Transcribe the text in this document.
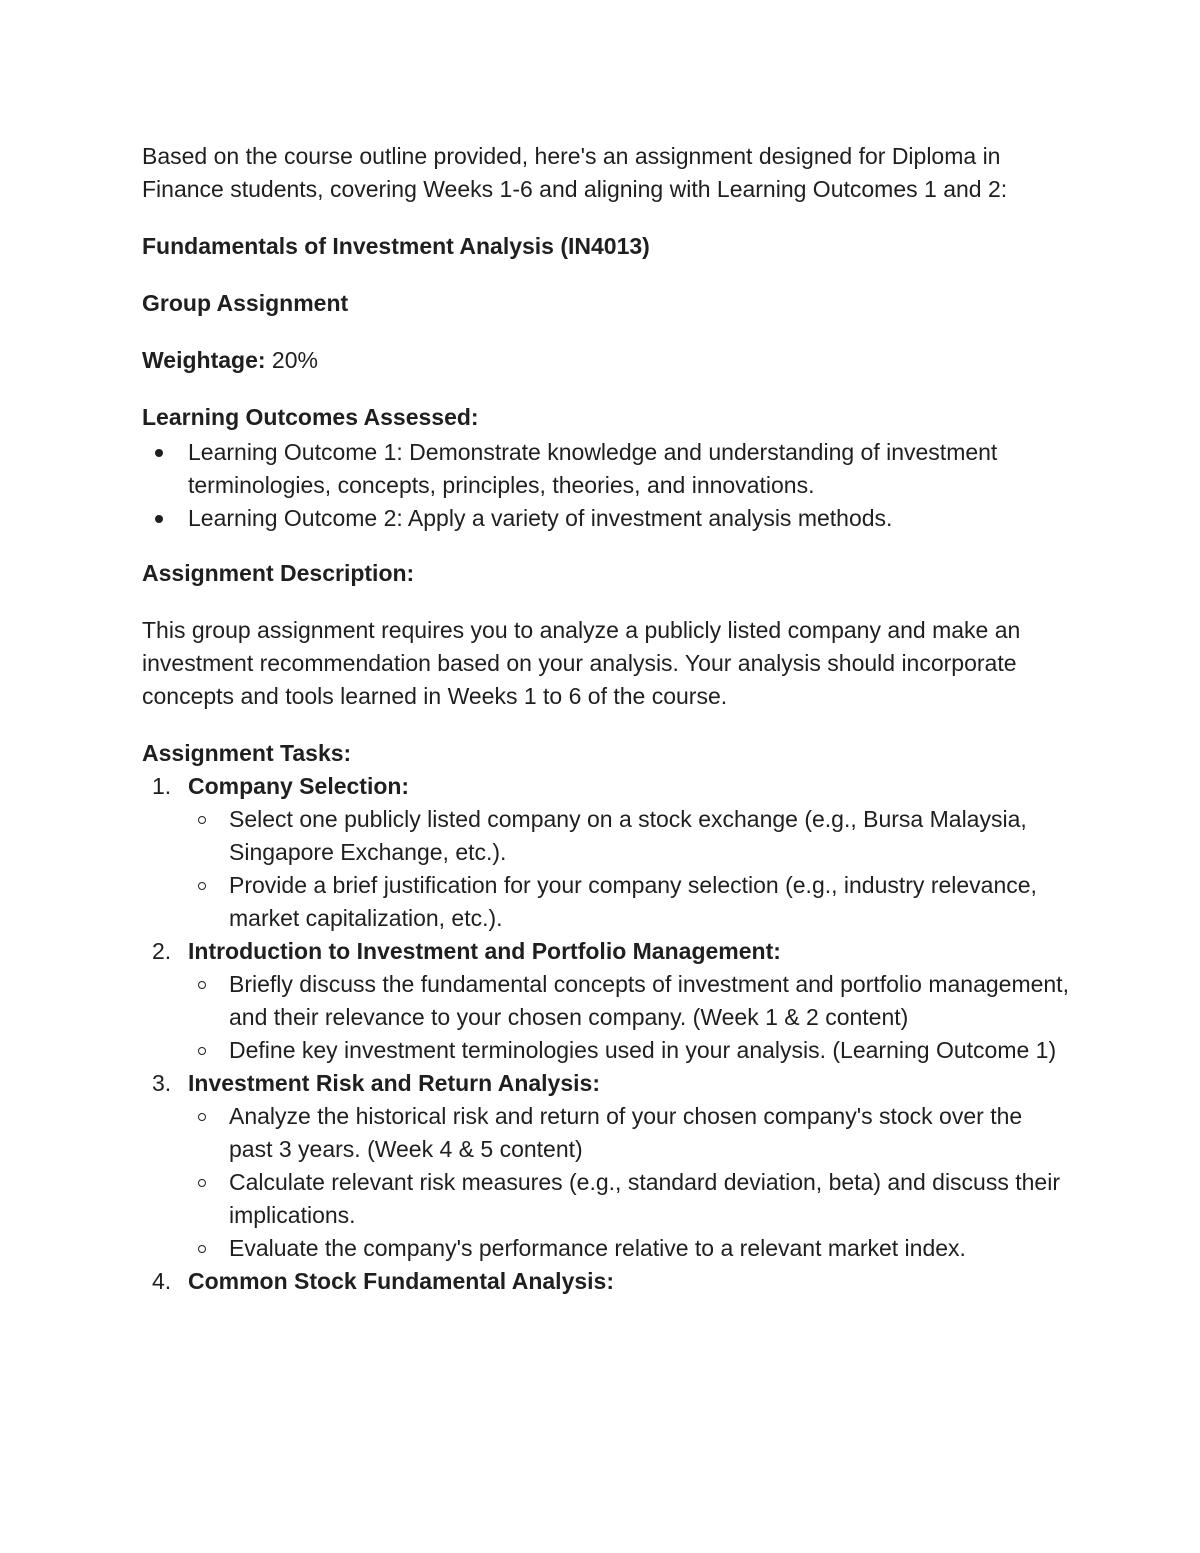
Based on the course outline provided, here's an assignment designed for Diploma in Finance students, covering Weeks 1-6 and aligning with Learning Outcomes 1 and 2:

Fundamentals of Investment Analysis (IN4013)

Group Assignment

Weightage: 20%

Learning Outcomes Assessed:

Learning Outcome 1: Demonstrate knowledge and understanding of investment terminologies, concepts, principles, theories, and innovations.
Learning Outcome 2: Apply a variety of investment analysis methods.

Assignment Description:

This group assignment requires you to analyze a publicly listed company and make an investment recommendation based on your analysis. Your analysis should incorporate concepts and tools learned in Weeks 1 to 6 of the course.

Assignment Tasks:

1. Company Selection:
Select one publicly listed company on a stock exchange (e.g., Bursa Malaysia, Singapore Exchange, etc.).
Provide a brief justification for your company selection (e.g., industry relevance, market capitalization, etc.).
2. Introduction to Investment and Portfolio Management:
Briefly discuss the fundamental concepts of investment and portfolio management, and their relevance to your chosen company. (Week 1 & 2 content)
Define key investment terminologies used in your analysis. (Learning Outcome 1)
3. Investment Risk and Return Analysis:
Analyze the historical risk and return of your chosen company's stock over the past 3 years. (Week 4 & 5 content)
Calculate relevant risk measures (e.g., standard deviation, beta) and discuss their implications.
Evaluate the company's performance relative to a relevant market index.
4. Common Stock Fundamental Analysis:
